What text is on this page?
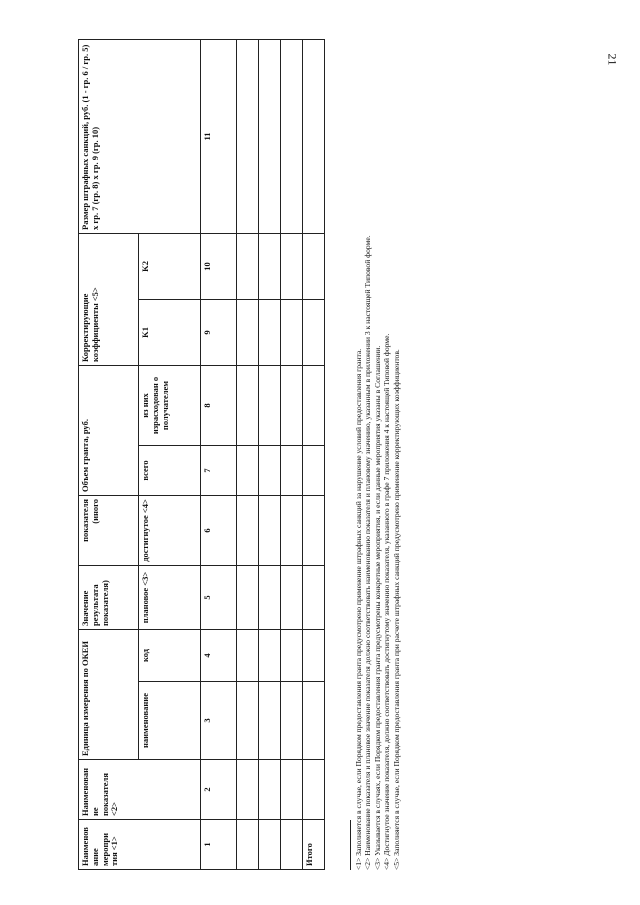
21
Наименов ание меропри тия <1>	Наименован ие показателя <2>	Единица измерения по ОКЕИ		Значение результата показателя)	показателя (иного	Объем гранта, руб.		Корректирующие коэффициенты <5>		Размер штрафных санкций, руб. (1 - гр. 6 / гр. 5) x гр. 7 (гр. 8) x гр. 9 (гр. 10)
		наименование	код	плановое <3>	достигнутое <4>	всего	из них израсходован о получателем	K1	K2	
1	2	3	4	5	6	7	8	9	10	11

Итого											<1> Заполняется в случае, если Порядком предоставления гранта предусмотрено применение штрафных санкций за нарушение условий предоставления гранта. <2> Наименование показателя и плановое значение показателя должно соответствовать наименованию показателя и плановому значению, указанным в приложении 3 к настоящей Типовой форме. <3> Указывается в случаях, если Порядком предоставления гранта предусмотрены конкретные мероприятия, и если данные мероприятия указаны в Соглашении. <4> Достигнутое значение показателя, должно соответствовать достигнутому значению показателя, указанного в графе 7 приложения 4 к настоящей Типовой форме. <5> Заполняется в случае, если Порядком предоставления гранта при расчете штрафных санкций предусмотрено применение корректирующих коэффициентов.
